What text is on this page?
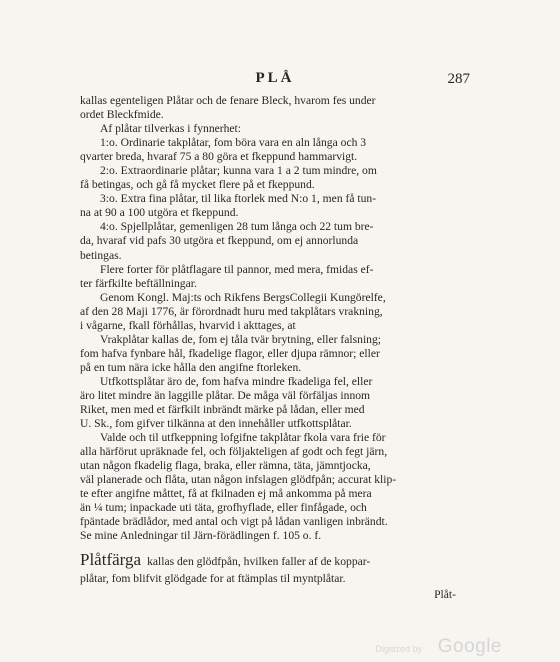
PLÅ	287

kallas egenteligen Plåtar och de fenare Bleck, hvarom fes under
ordet Bleckfmide.

Af plåtar tilverkas i fynnerhet:

1:o. Ordinarie takplåtar, fom böra vara en aln långa och 3
qvarter breda, hvaraf 75 a 80 göra et fkeppund hammarvigt.

2:o. Extraordinarie plåtar; kunna vara 1 a 2 tum mindre, om
få betingas, och gå få mycket flere på et fkeppund.

3:o. Extra fina plåtar, til lika ftorlek med N:o 1, men få tun-
na at 90 a 100 utgöra et fkeppund.

4:o. Spjellplåtar, gemenligen 28 tum långa och 22 tum bre-
da, hvaraf vid pafs 30 utgöra et fkeppund, om ej annorlunda
betingas.

Flere forter för plåtflagare til pannor, med mera, fmidas ef-
ter färfkilte beftällningar.

Genom Kongl. Maj:ts och Rikfens BergsCollegii Kungörelfe,
af den 28 Maji 1776, är förordnadt huru med takplåtars vrakning,
i vågarne, fkall förhållas, hvarvid i akttages, at

Vrakplåtar kallas de, fom ej tåla tvär brytning, eller falsning;
fom hafva fynbare hål, fkadelige flagor, eller djupa rämnor; eller
på en tum nära icke hålla den angifne ftorleken.

Utfkottsplåtar äro de, fom hafva mindre fkadeliga fel, eller
äro litet mindre än laggille plåtar. De måga väl förfäljas innom
Riket, men med et färfkilt inbrändt märke på lådan, eller med
U. Sk., fom gifver tilkänna at den innehåller utfkottsplåtar.

Valde och til utfkeppning lofgifne takplåtar fkola vara frie för
alla härförut upräknade fel, och följakteligen af godt och fegt järn,
utan någon fkadelig flaga, braka, eller rämna, täta, jämntjocka,
väl planerade och flåta, utan någon infslagen glödfpån; accurat klip-
te efter angifne måttet, få at fkilnaden ej må ankomma på mera
än ¼ tum; inpackade uti täta, grofhyflade, eller finfågade, och
fpäntade brädlådor, med antal och vigt på lådan vanligen inbrändt.
Se mine Anledningar til Järn-förädlingen f. 105 o. f.

Plåtfärga kallas den glödfpån, hvilken faller af de koppar-
plåtar, fom blifvit glödgade for at ftämplas til myntplåtar.
Plåt-

Digitized by Google
